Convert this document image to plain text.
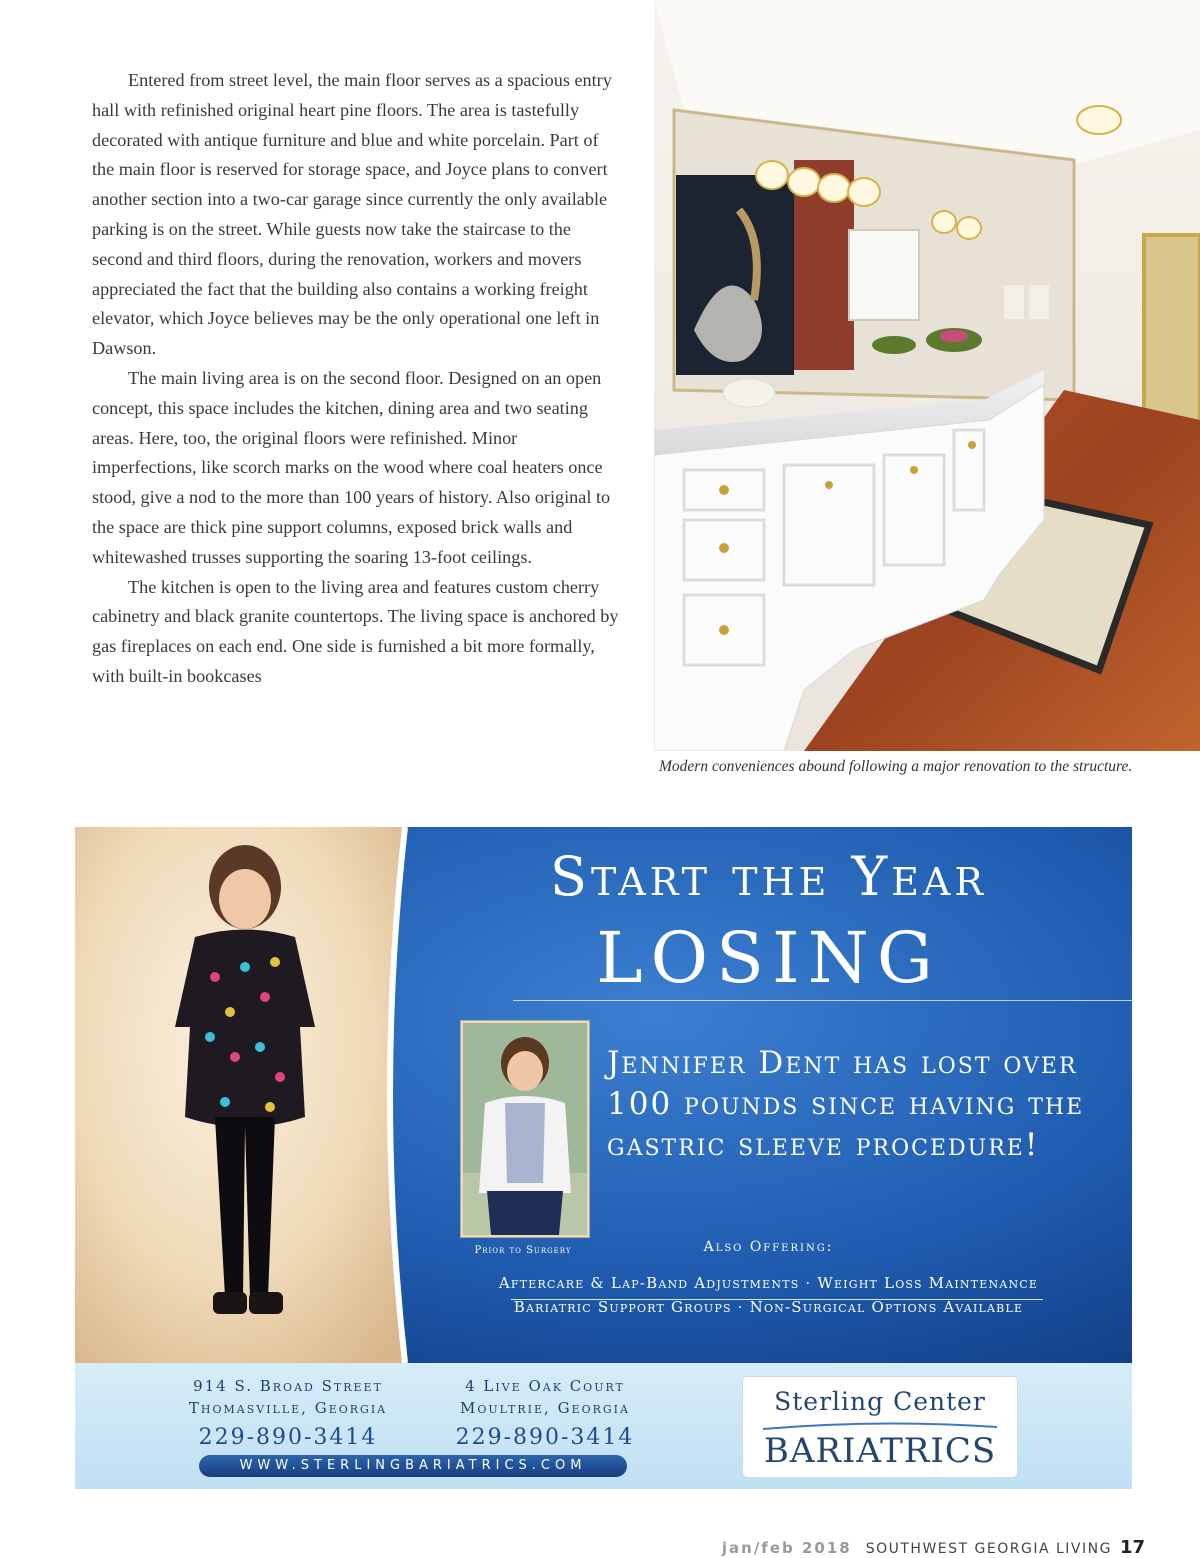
Entered from street level, the main floor serves as a spacious entry hall with refinished original heart pine floors. The area is tastefully decorated with antique furniture and blue and white porcelain. Part of the main floor is reserved for storage space, and Joyce plans to convert another section into a two-car garage since currently the only available parking is on the street. While guests now take the staircase to the second and third floors, during the renovation, workers and movers appreciated the fact that the building also contains a working freight elevator, which Joyce believes may be the only operational one left in Dawson.

The main living area is on the second floor. Designed on an open concept, this space includes the kitchen, dining area and two seating areas. Here, too, the original floors were refinished. Minor imperfections, like scorch marks on the wood where coal heaters once stood, give a nod to the more than 100 years of history. Also original to the space are thick pine support columns, exposed brick walls and whitewashed trusses supporting the soaring 13-foot ceilings.

The kitchen is open to the living area and features custom cherry cabinetry and black granite countertops. The living space is anchored by gas fireplaces on each end. One side is furnished a bit more formally, with built-in bookcases

Modern conveniences abound following a major renovation to the structure.
Start the Year
LOSING
Prior to Surgery
Jennifer Dent has lost over 100 pounds since having the gastric sleeve procedure!
Also Offering:
Aftercare & Lap-Band Adjustments · Weight Loss Maintenance
Bariatric Support Groups · Non-Surgical Options Available
914 S. Broad Street
Thomasville, Georgia
229-890-3414
4 Live Oak Court
Moultrie, Georgia
229-890-3414
WWW.STERLINGBARIATRICS.COM
Sterling Center
BARIATRICS
jan/feb 2018 SOUTHWEST GEORGIA LIVING 17
